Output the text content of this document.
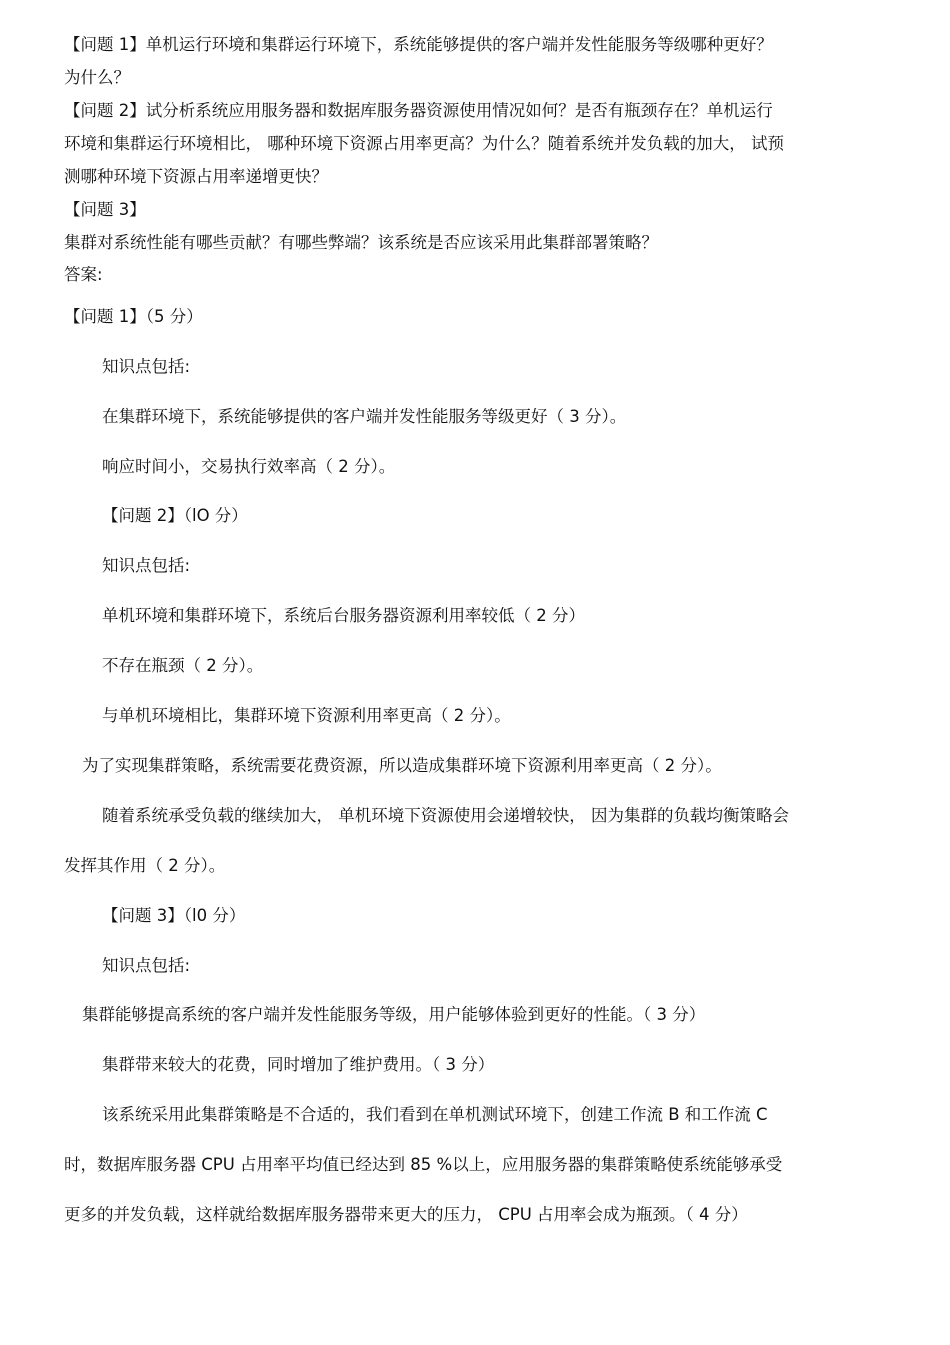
【问题 1】单机运行环境和集群运行环境下，系统能够提供的客户端并发性能服务等级哪种更好？
为什么？
【问题 2】试分析系统应用服务器和数据库服务器资源使用情况如何？是否有瓶颈存在？单机运行
环境和集群运行环境相比， 哪种环境下资源占用率更高？为什么？随着系统并发负载的加大， 试预
测哪种环境下资源占用率递增更快？
【问题 3】
集群对系统性能有哪些贡献？有哪些弊端？该系统是否应该采用此集群部署策略？
答案:
【问题 1】（5 分）
知识点包括:
在集群环境下，系统能够提供的客户端并发性能服务等级更好（ 3 分）。
响应时间小，交易执行效率高（ 2 分）。
【问题 2】（lO 分）
知识点包括:
单机环境和集群环境下，系统后台服务器资源利用率较低（ 2 分）
不存在瓶颈（ 2 分）。
与单机环境相比，集群环境下资源利用率更高（ 2 分）。
为了实现集群策略，系统需要花费资源，所以造成集群环境下资源利用率更高（ 2 分）。
随着系统承受负载的继续加大， 单机环境下资源使用会递增较快， 因为集群的负载均衡策略会
发挥其作用（ 2 分）。
【问题 3】（l0 分）
知识点包括:
集群能够提高系统的客户端并发性能服务等级，用户能够体验到更好的性能。（ 3 分）
集群带来较大的花费，同时增加了维护费用。（ 3 分）
该系统采用此集群策略是不合适的，我们看到在单机测试环境下，创建工作流 B 和工作流 C
时，数据库服务器 CPU 占用率平均值已经达到 85 %以上，应用服务器的集群策略使系统能够承受
更多的并发负载，这样就给数据库服务器带来更大的压力， CPU 占用率会成为瓶颈。（ 4 分）
